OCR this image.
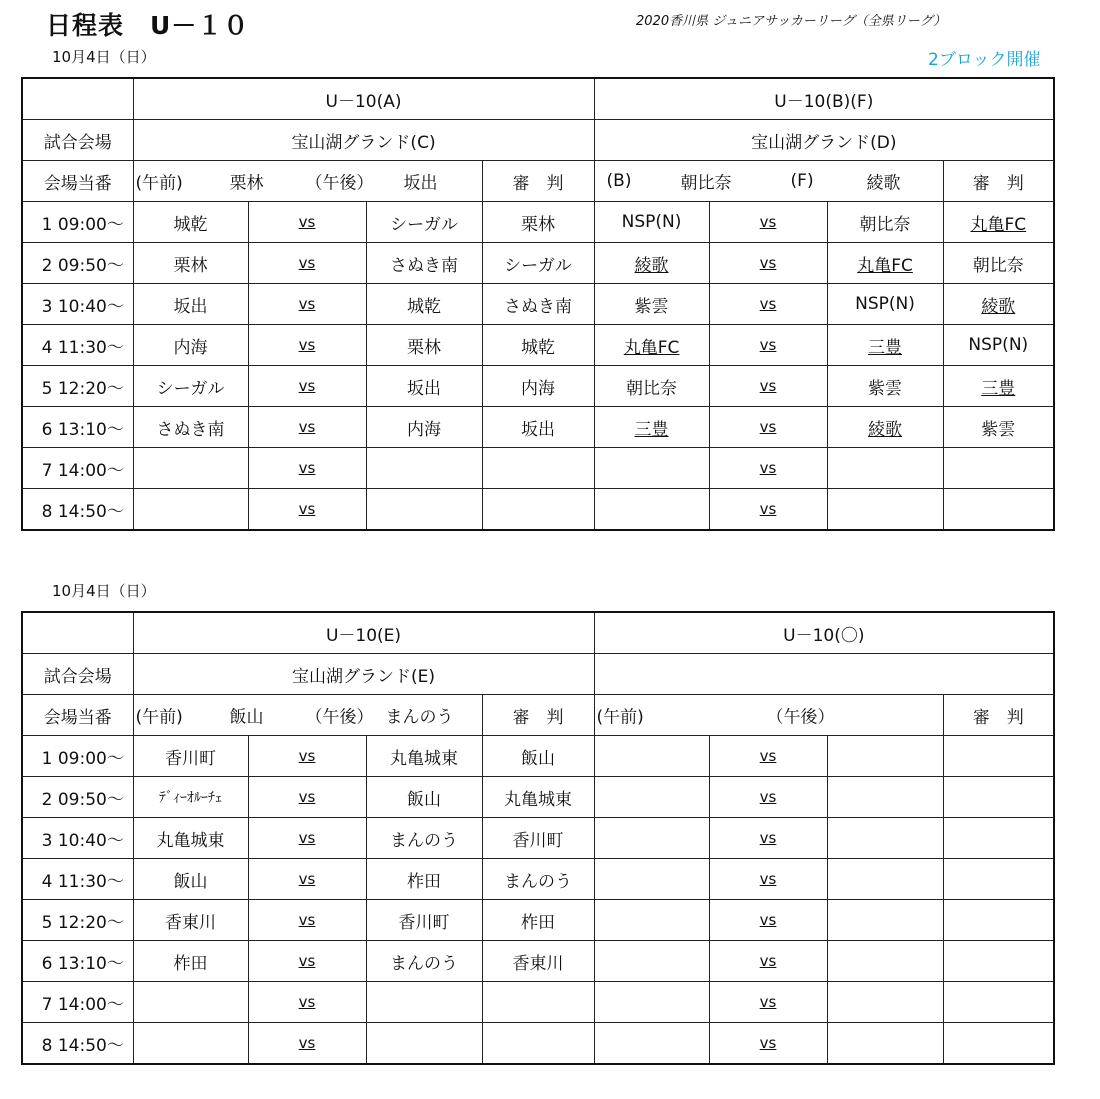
日程表　U－１０	2020香川県 ジュニアサッカーリーグ（全県リーグ）
10月4日（日）	2ブロック開催
	U－10(A)				U－10(B)(F)			
試合会場	宝山湖グランド(C)				宝山湖グランド(D)			
会場当番	(午前) 栗林 （午後） 坂出			審　判	(B) 朝比奈 (F) 綾歌			審　判
1 09:00～	城乾	vs	シーガル	栗林	NSP(N)	vs	朝比奈	丸亀FC
2 09:50～	栗林	vs	さぬき南	シーガル	綾歌	vs	丸亀FC	朝比奈
3 10:40～	坂出	vs	城乾	さぬき南	紫雲	vs	NSP(N)	綾歌
4 11:30～	内海	vs	栗林	城乾	丸亀FC	vs	三豊	NSP(N)
5 12:20～	シーガル	vs	坂出	内海	朝比奈	vs	紫雲	三豊
6 13:10～	さぬき南	vs	内海	坂出	三豊	vs	綾歌	紫雲
7 14:00～		vs				vs		
8 14:50～		vs				vs		
10月4日（日）
	U－10(E)				U－10(〇)			
試合会場	宝山湖グランド(E)							
会場当番	(午前) 飯山 （午後） まんのう			審　判	(午前) （午後）			審　判
1 09:00～	香川町	vs	丸亀城東	飯山		vs		
2 09:50～	ﾃﾞｨｰｵﾙｰﾁｪ	vs	飯山	丸亀城東		vs		
3 10:40～	丸亀城東	vs	まんのう	香川町		vs		
4 11:30～	飯山	vs	柞田	まんのう		vs		
5 12:20～	香東川	vs	香川町	柞田		vs		
6 13:10～	柞田	vs	まんのう	香東川		vs		
7 14:00～		vs				vs		
8 14:50～		vs				vs		
